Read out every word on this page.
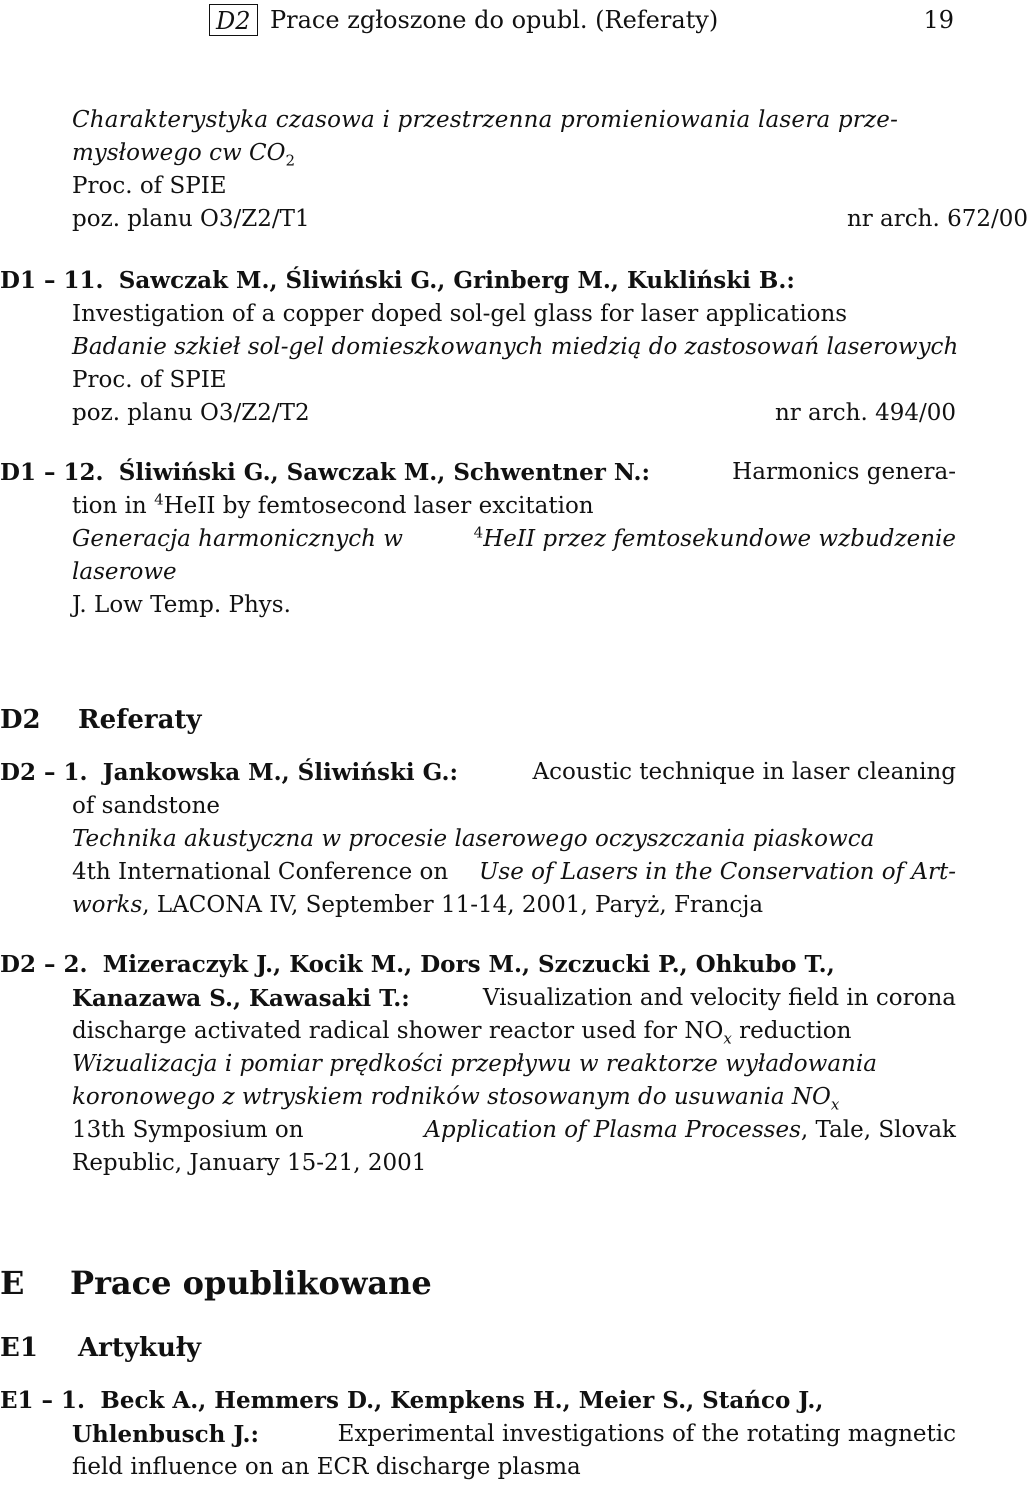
D2 Prace zgłoszone do opubl. (Referaty)	19
Charakterystyka czasowa i przestrzenna promieniowania lasera prze-
mysłowego cw $CO_2$
Proc. of SPIE
poz. planu O3/Z2/T1	nr arch. 672/00
D1 – 11. Sawczak M., Śliwiński G., Grinberg M., Kukliński B.:
Investigation of a copper doped sol-gel glass for laser applications
Badanie szkieł sol-gel domieszkowanych miedzią do zastosowań laserowych
Proc. of SPIE
poz. planu O3/Z2/T2	nr arch. 494/00
D1 – 12. Śliwiński G., Sawczak M., Schwentner N.:	Harmonics genera-
tion in $^4$HeII by femtosecond laser excitation
Generacja harmonicznych w	$^4$HeII przez femtosekundowe wzbudzenie
laserowe
J. Low Temp. Phys.
D2 Referaty
D2 – 1. Jankowska M., Śliwiński G.:	Acoustic technique in laser cleaning
of sandstone
Technika akustyczna w procesie laserowego oczyszczania piaskowca
4th International Conference on Use of Lasers in the Conservation of Art-
works, LACONA IV, September 11-14, 2001, Paryż, Francja
D2 – 2. Mizeraczyk J., Kocik M., Dors M., Szczucki P., Ohkubo T.,
Kanazawa S., Kawasaki T.:	Visualization and velocity field in corona
discharge activated radical shower reactor used for $NO_x$ reduction
Wizualizacja i pomiar prędkości przepływu w reaktorze wyładowania
koronowego z wtryskiem rodników stosowanym do usuwania $NO_x$
13th Symposium on	Application of Plasma Processes, Tale, Slovak
Republic, January 15-21, 2001
E Prace opublikowane
E1 Artykuły
E1 – 1. Beck A., Hemmers D., Kempkens H., Meier S., Stańco J.,
Uhlenbusch J.:	Experimental investigations of the rotating magnetic
field influence on an ECR discharge plasma
